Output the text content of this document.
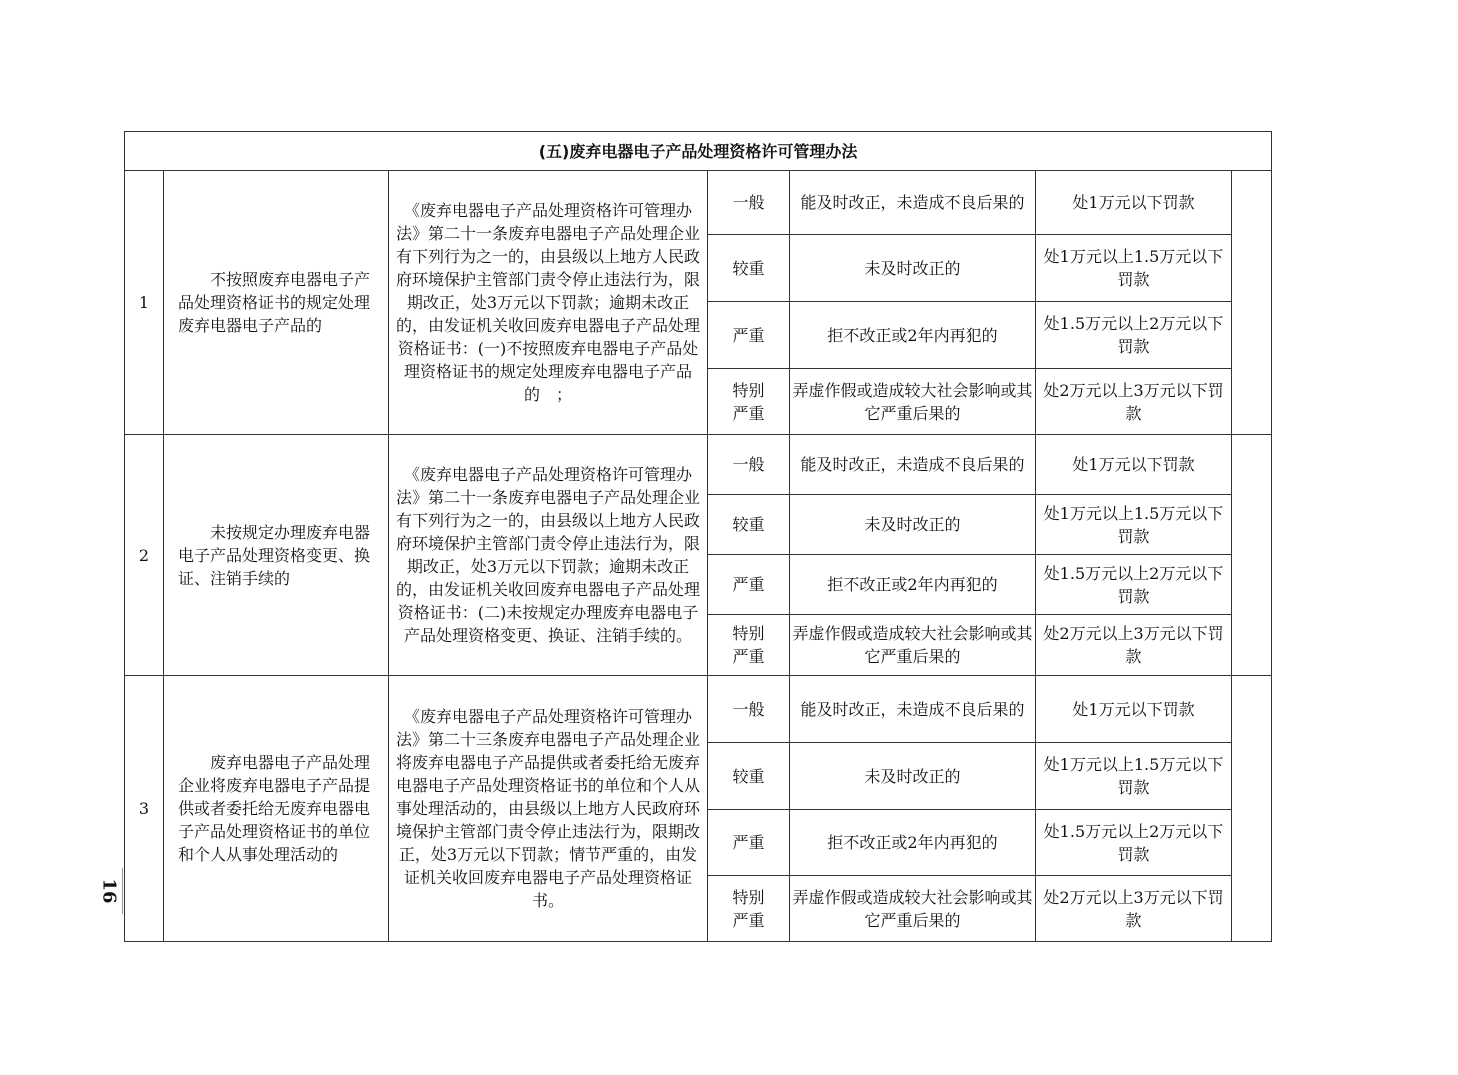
(五)废弃电器电子产品处理资格许可管理办法						
1	不按照废弃电器电子产品处理资格证书的规定处理废弃电器电子产品的	《废弃电器电子产品处理资格许可管理办法》第二十一条废弃电器电子产品处理企业有下列行为之一的，由县级以上地方人民政府环境保护主管部门责令停止违法行为，限期改正，处3万元以下罚款；逾期未改正的，由发证机关收回废弃电器电子产品处理资格证书：(一)不按照废弃电器电子产品处理资格证书的规定处理废弃电器电子产品　的　；	一般	能及时改正，未造成不良后果的	处1万元以下罚款	
			较重	未及时改正的	处1万元以上1.5万元以下罚款	
			严重	拒不改正或2年内再犯的	处1.5万元以上2万元以下罚款	
			特别严重	弄虚作假或造成较大社会影响或其它严重后果的	处2万元以上3万元以下罚款	
2	未按规定办理废弃电器电子产品处理资格变更、换证、注销手续的	《废弃电器电子产品处理资格许可管理办法》第二十一条废弃电器电子产品处理企业有下列行为之一的，由县级以上地方人民政府环境保护主管部门责令停止违法行为，限期改正，处3万元以下罚款；逾期未改正的，由发证机关收回废弃电器电子产品处理资格证书：(二)未按规定办理废弃电器电子产品处理资格变更、换证、注销手续的。	一般	能及时改正，未造成不良后果的	处1万元以下罚款	
			较重	未及时改正的	处1万元以上1.5万元以下罚款	
			严重	拒不改正或2年内再犯的	处1.5万元以上2万元以下罚款	
			特别严重	弄虚作假或造成较大社会影响或其它严重后果的	处2万元以上3万元以下罚款	
3	废弃电器电子产品处理企业将废弃电器电子产品提供或者委托给无废弃电器电子产品处理资格证书的单位和个人从事处理活动的	《废弃电器电子产品处理资格许可管理办法》第二十三条废弃电器电子产品处理企业将废弃电器电子产品提供或者委托给无废弃电器电子产品处理资格证书的单位和个人从事处理活动的，由县级以上地方人民政府环境保护主管部门责令停止违法行为，限期改正，处3万元以下罚款；情节严重的，由发证机关收回废弃电器电子产品处理资格证书。	一般	能及时改正，未造成不良后果的	处1万元以下罚款	
			较重	未及时改正的	处1万元以上1.5万元以下罚款	
			严重	拒不改正或2年内再犯的	处1.5万元以上2万元以下罚款	
			特别严重	弄虚作假或造成较大社会影响或其它严重后果的	处2万元以上3万元以下罚款	
16
